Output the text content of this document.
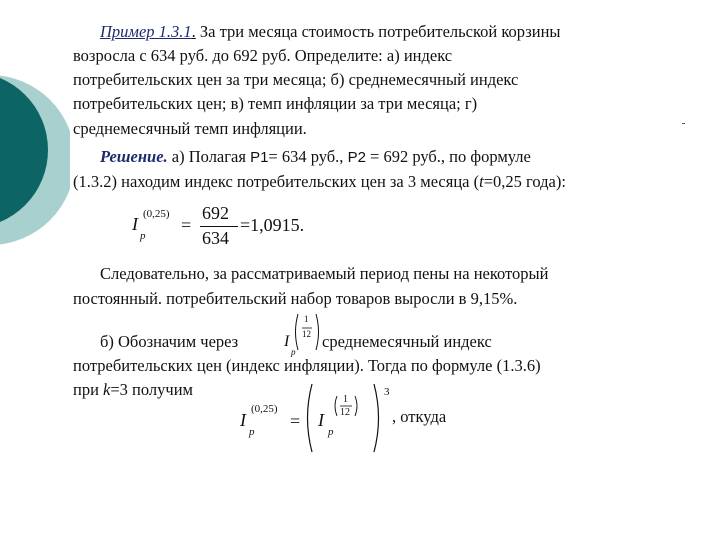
Пример 1.3.1. За три месяца стоимость потребительской корзины
возросла с 634 руб. до 692 руб. Определите: а) индекс
потребительских цен за три месяца; б) среднемесячный индекс
потребительских цен; в) темп инфляции за три месяца; г)
среднемесячный темп инфляции.
Решение. а) Полагая P1= 634 руб., P2 = 692 руб., по формуле
(1.3.2) находим индекс потребительских цен за 3 месяца (t=0,25 года):
I
p
(0,25)
=
692
634
=1,0915.
Следовательно, за рассматриваемый период пены на некоторый
постоянный. потребительский набор товаров выросли в 9,15%.
б) Обозначим через	I
p
1
12 среднемесячный индекс
потребительских цен (индекс инфляции). Тогда по формуле (1.3.6)
при k=3 получим
I
p
(0,25)
= I
p
1
12
3
, откуда
